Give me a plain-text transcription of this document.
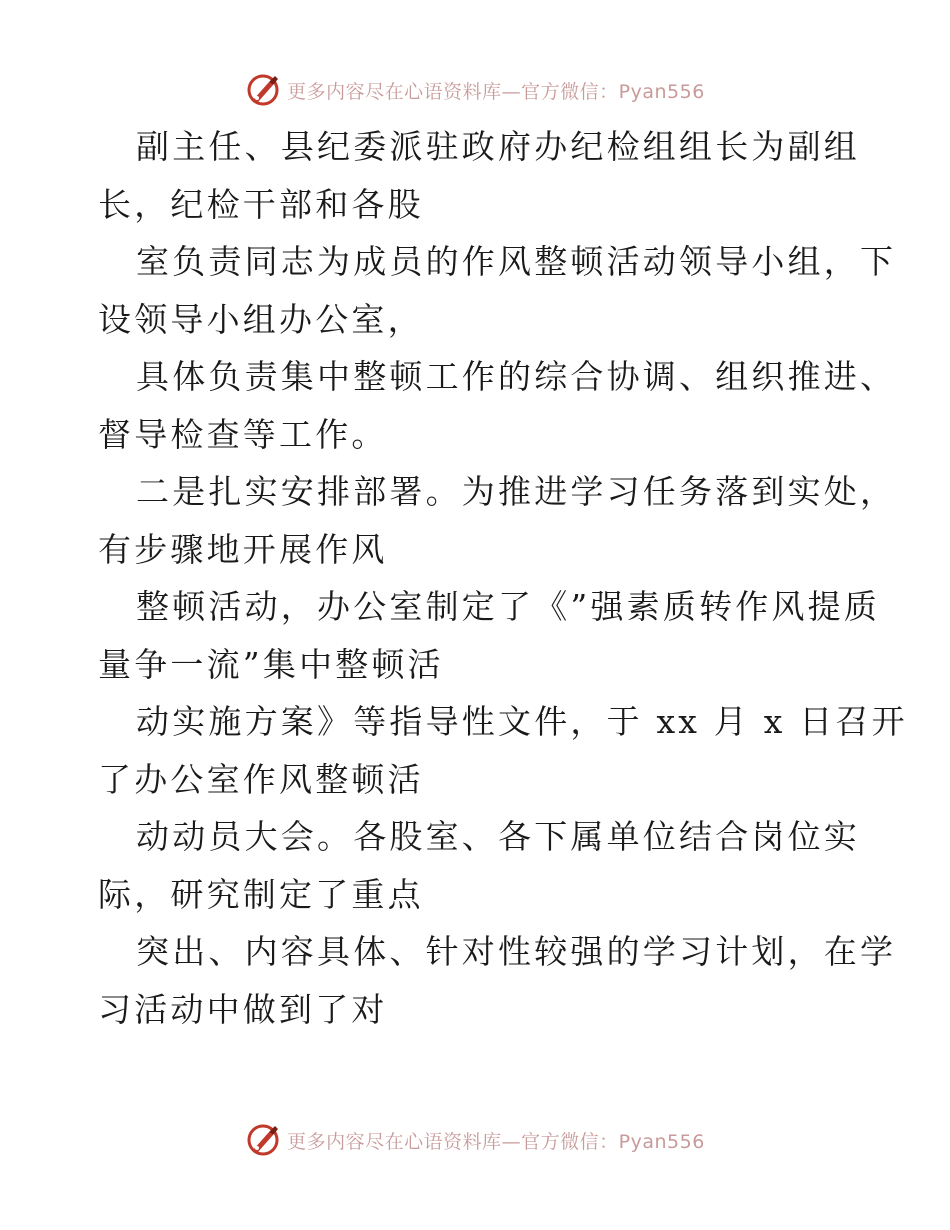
更多内容尽在心语资料库—官方微信：Pyan556
副主任、县纪委派驻政府办纪检组组长为副组
长，纪检干部和各股
室负责同志为成员的作风整顿活动领导小组，下
设领导小组办公室，
具体负责集中整顿工作的综合协调、组织推进、
督导检查等工作。
二是扎实安排部署。为推进学习任务落到实处，
有步骤地开展作风
整顿活动，办公室制定了《”强素质转作风提质
量争一流”集中整顿活
动实施方案》等指导性文件，于 xx 月 x 日召开
了办公室作风整顿活
动动员大会。各股室、各下属单位结合岗位实
际，研究制定了重点
突出、内容具体、针对性较强的学习计划，在学
习活动中做到了对
更多内容尽在心语资料库—官方微信：Pyan556
